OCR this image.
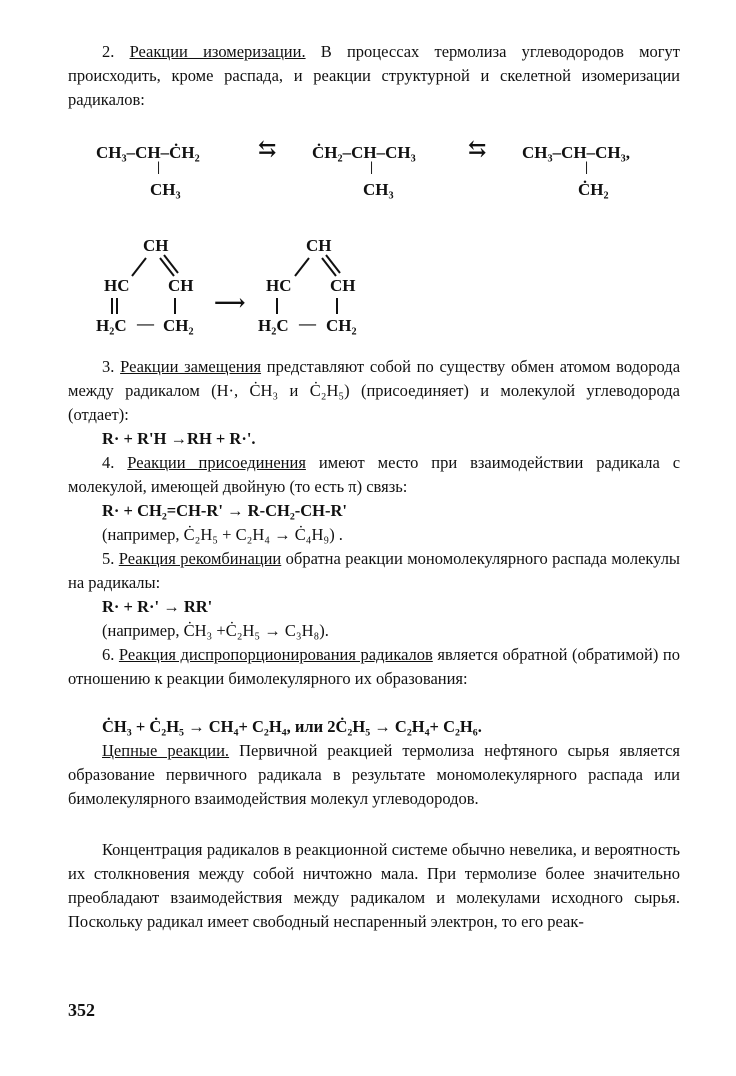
2. Реакции изомеризации. В процессах термолиза углеводородов могут происходить, кроме распада, и реакции структурной и скелетной изомеризации радикалов:

CH₃–CH–ĊH₂
|
CH₃
⇆ ĊH₂–CH–CH₃
|
CH₃
⇆ CH₃–CH–CH₃,
|
ĊH₂
CH
HC CH
H₂C — CH₂
⟶
CH
HC CH
H₂C — CH₂

3. Реакции замещения представляют собой по существу обмен атомом водорода между радикалом (H·, ĊH₃ и Ċ₂H₅) (присоединяет) и молекулой углеводорода (отдает):

R· + R'H →RH + R·'.

4. Реакции присоединения имеют место при взаимодействии радикала с молекулой, имеющей двойную (то есть π) связь:

R· + CH₂=CH-R' → R-CH₂-CH-R'

(например, Ċ₂H₅ + C₂H₄ → Ċ₄H₉) .

5. Реакция рекомбинации обратна реакции мономолекулярного распада молекулы на радикалы:

R· + R·' → RR'

(например, ĊH₃ +Ċ₂H₅ → C₃H₈).

6. Реакция диспропорционирования радикалов является обратной (обратимой) по отношению к реакции бимолекулярного их образования:

ĊH₃ + Ċ₂H₅ → CH₄+ C₂H₄, или 2Ċ₂H₅ → C₂H₄+ C₂H₆.

Цепные реакции. Первичной реакцией термолиза нефтяного сырья является образование первичного радикала в результате мономолекулярного распада или бимолекулярного взаимодействия молекул углеводородов.

Концентрация радикалов в реакционной системе обычно невелика, и вероятность их столкновения между собой ничтожно мала. При термолизе более значительно преобладают взаимодействия между радикалом и молекулами исходного сырья. Поскольку радикал имеет свободный неспаренный электрон, то его реак-

352
